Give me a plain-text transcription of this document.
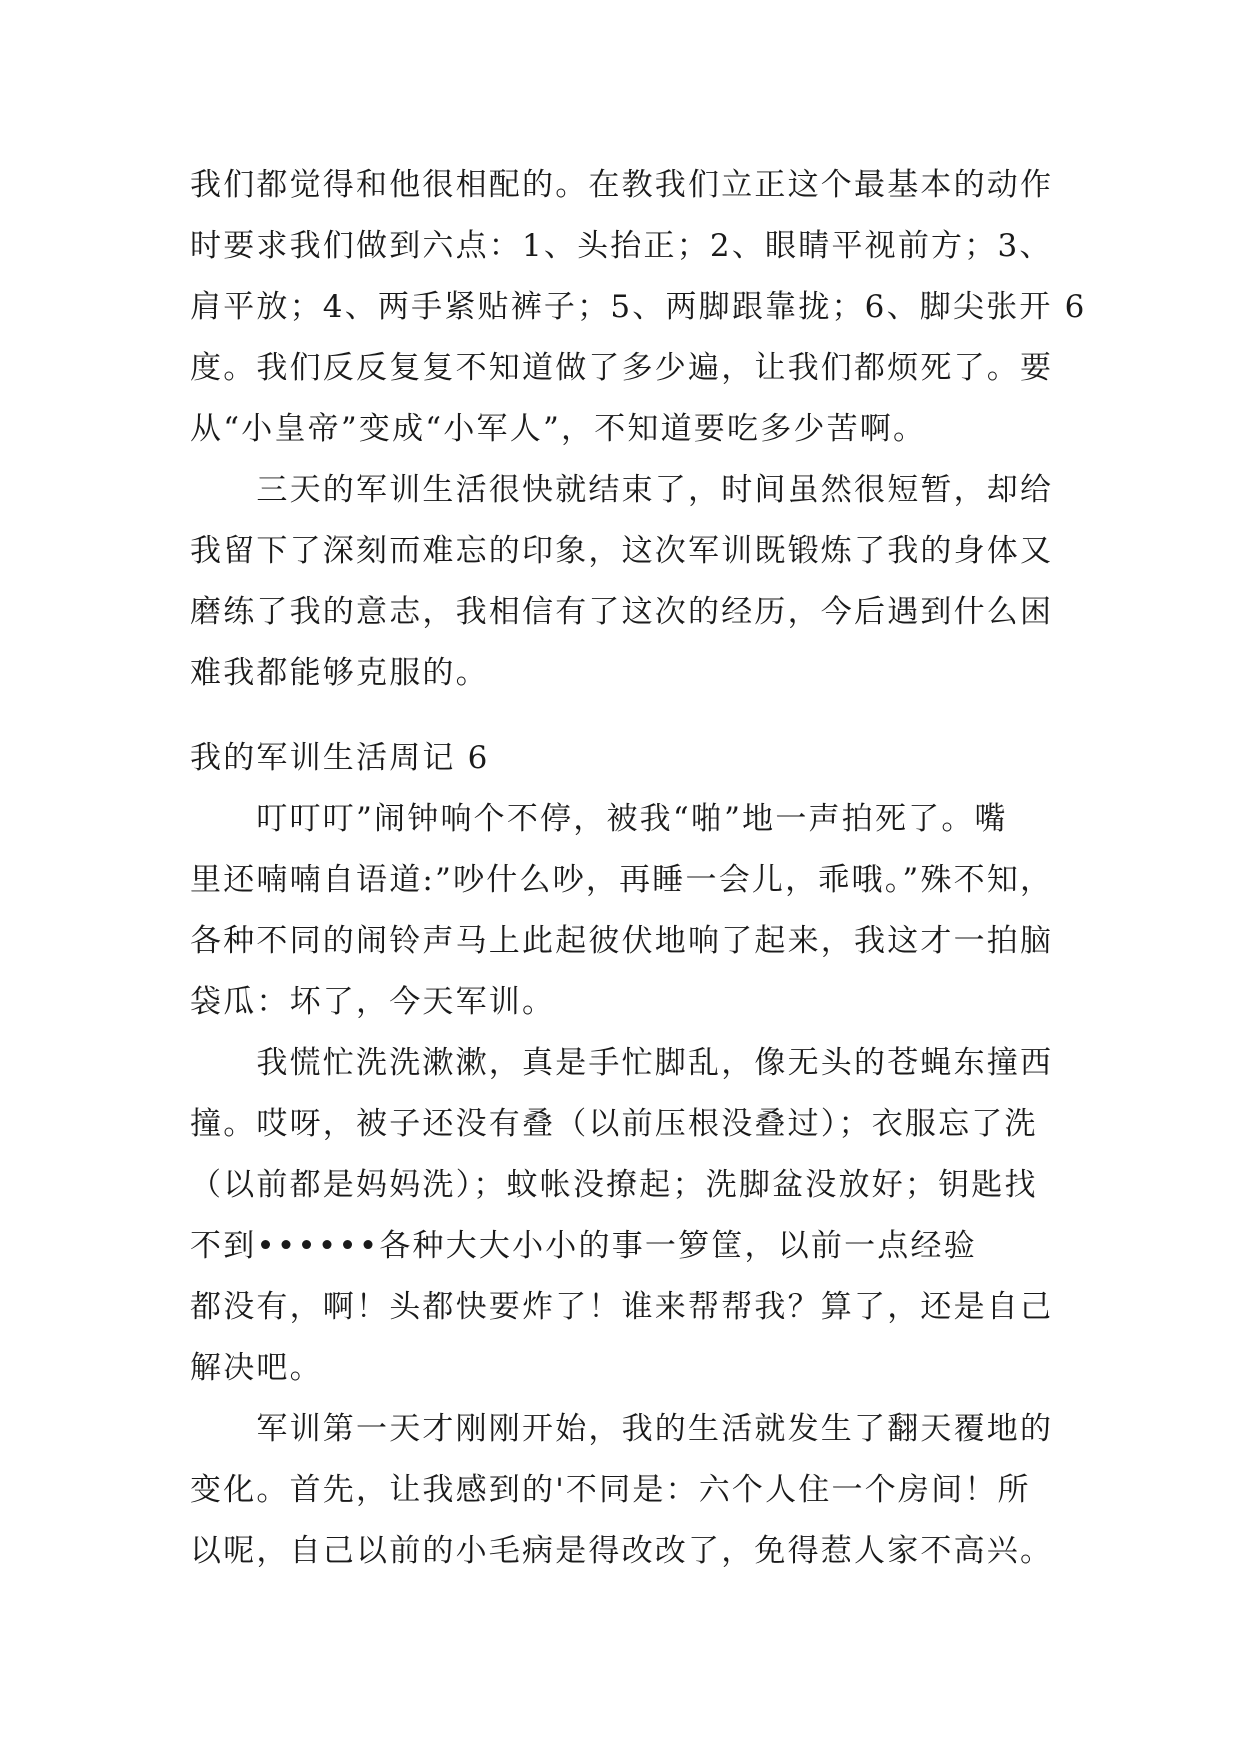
我们都觉得和他很相配的。在教我们立正这个最基本的动作
时要求我们做到六点：1、头抬正；2、眼睛平视前方；3、
肩平放；4、两手紧贴裤子；5、两脚跟靠拢；6、脚尖张开 6
度。我们反反复复不知道做了多少遍，让我们都烦死了。要
从“小皇帝”变成“小军人”，不知道要吃多少苦啊。
　　三天的军训生活很快就结束了，时间虽然很短暂，却给
我留下了深刻而难忘的印象，这次军训既锻炼了我的身体又
磨练了我的意志，我相信有了这次的经历，今后遇到什么困
难我都能够克服的。
我的军训生活周记 6
　　叮叮叮”闹钟响个不停，被我“啪”地一声拍死了。嘴
里还喃喃自语道:”吵什么吵，再睡一会儿，乖哦。”殊不知，
各种不同的闹铃声马上此起彼伏地响了起来，我这才一拍脑
袋瓜：坏了，今天军训。
　　我慌忙洗洗漱漱，真是手忙脚乱，像无头的苍蝇东撞西
撞。哎呀，被子还没有叠（以前压根没叠过）；衣服忘了洗
（以前都是妈妈洗）；蚊帐没撩起；洗脚盆没放好；钥匙找
不到••••••各种大大小小的事一箩筐，以前一点经验
都没有，啊！头都快要炸了！谁来帮帮我？算了，还是自己
解决吧。
　　军训第一天才刚刚开始，我的生活就发生了翻天覆地的
变化。首先，让我感到的'不同是：六个人住一个房间！所
以呢，自己以前的小毛病是得改改了，免得惹人家不高兴。
